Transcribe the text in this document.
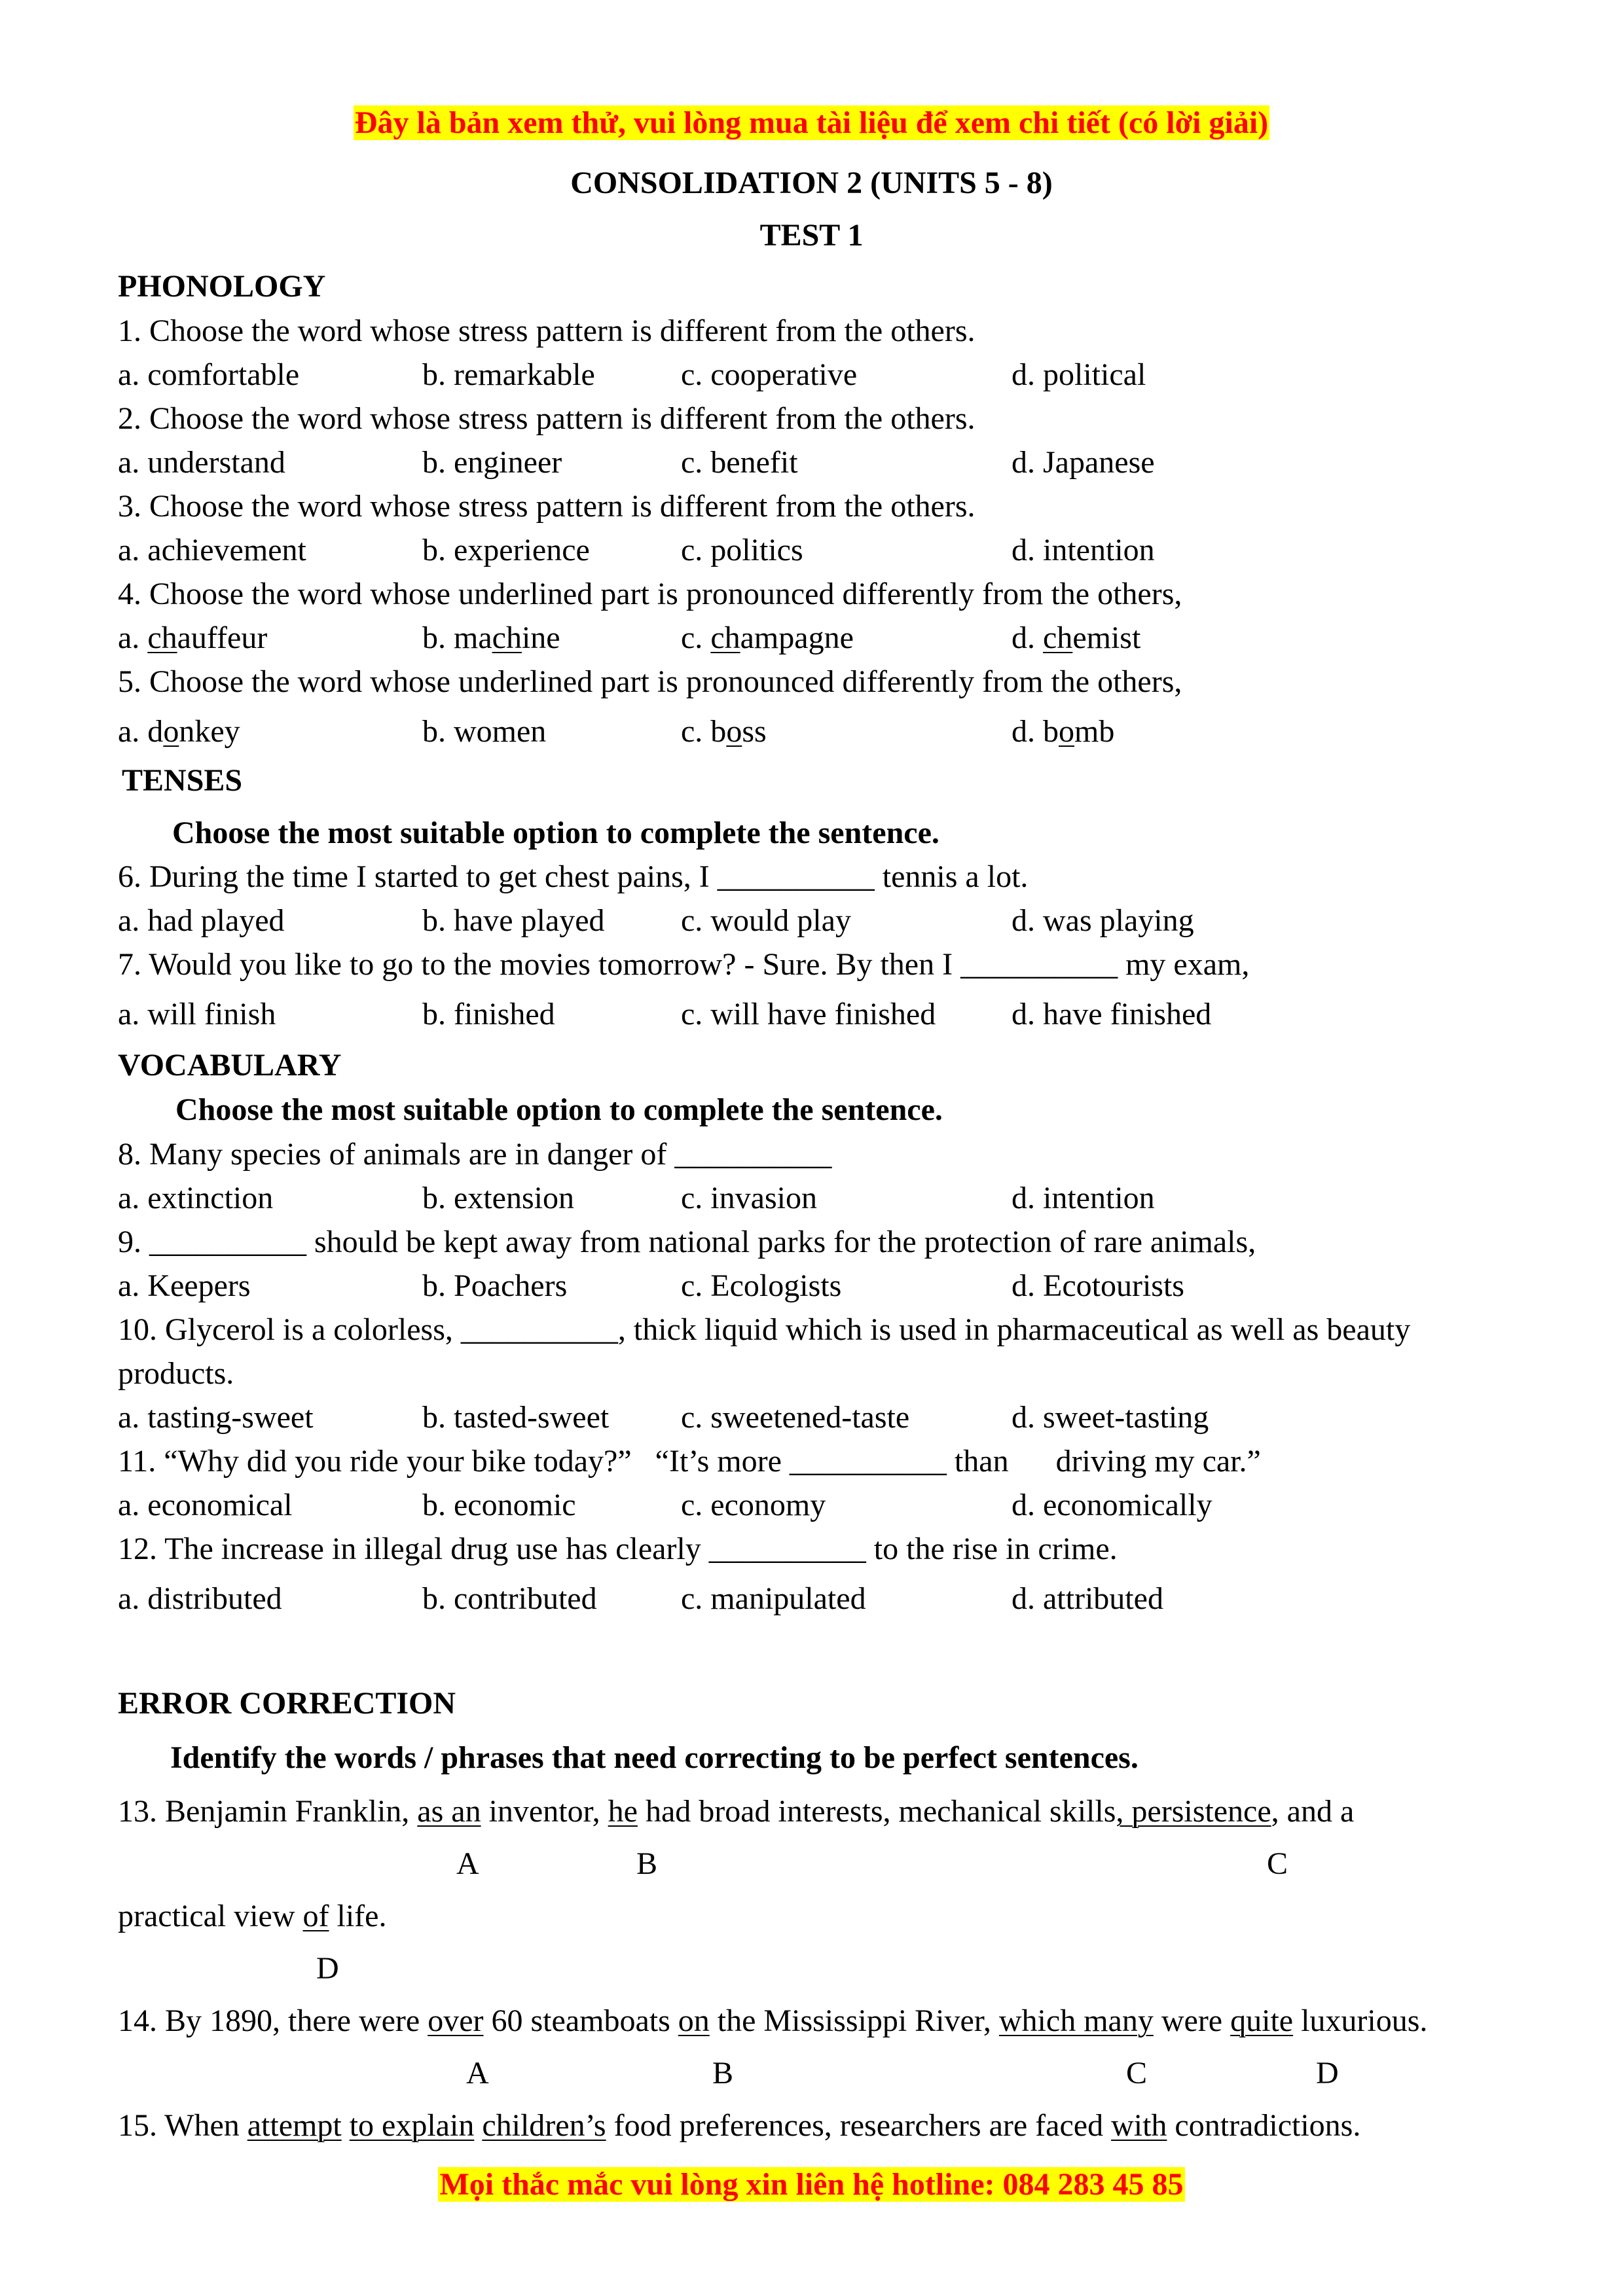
Đây là bản xem thử, vui lòng mua tài liệu để xem chi tiết (có lời giải)
CONSOLIDATION 2 (UNITS 5 - 8)
TEST 1
PHONOLOGY
1. Choose the word whose stress pattern is different from the others.
a. comfortable	b. remarkable	c. cooperative	d. political
2. Choose the word whose stress pattern is different from the others.
a. understand	b. engineer	c. benefit	d. Japanese
3. Choose the word whose stress pattern is different from the others.
a. achievement	b. experience	c. politics	d. intention
4. Choose the word whose underlined part is pronounced differently from the others,
a. chauffeur	b. machine	c. champagne	d. chemist
5. Choose the word whose underlined part is pronounced differently from the others,
a. donkey	b. women	c. boss	d. bomb
TENSES
Choose the most suitable option to complete the sentence.
6. During the time I started to get chest pains, I __________ tennis a lot.
a. had played	b. have played c. would play	d. was playing
7. Would you like to go to the movies tomorrow? - Sure. By then I __________ my exam,
a. will finish	b. finished	c. will have finished d. have finished
VOCABULARY
Choose the most suitable option to complete the sentence.
8. Many species of animals are in danger of __________
a. extinction	b. extension	c. invasion	d. intention
9. __________ should be kept away from national parks for the protection of rare animals,
a. Keepers	b. Poachers	c. Ecologists	d. Ecotourists
10. Glycerol is a colorless, __________, thick liquid which is used in pharmaceutical as well as beauty
products.
a. tasting-sweet	b. tasted-sweet c. sweetened-taste	d. sweet-tasting
11. “Why did you ride your bike today?”   “It’s more __________ than      driving my car.”
a. economical	b. economic	c. economy	d. economically
12. The increase in illegal drug use has clearly __________ to the rise in crime.
a. distributed	b. contributed	c. manipulated	d. attributed
ERROR CORRECTION
Identify the words / phrases that need correcting to be perfect sentences.
13. Benjamin Franklin, as an inventor, he had broad interests, mechanical skills, persistence, and a
A	B	C
practical view of life.
D
14. By 1890, there were over 60 steamboats on the Mississippi River, which many were quite luxurious.
A	B	C	D
15. When attempt to explain children’s food preferences, researchers are faced with contradictions.
Mọi thắc mắc vui lòng xin liên hệ hotline: 084 283 45 85
